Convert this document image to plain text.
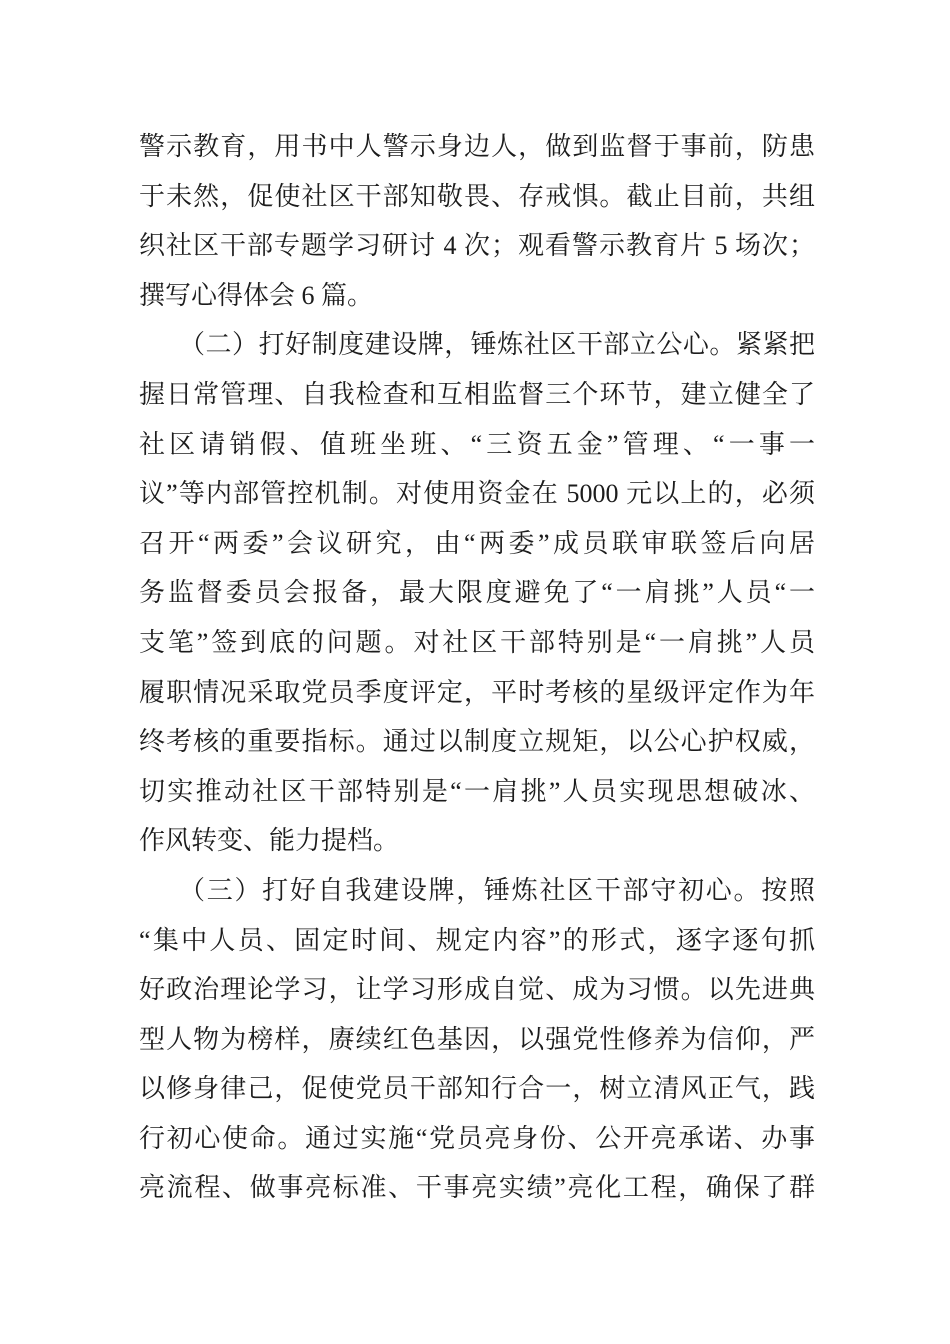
警示教育，用书中人警示身边人，做到监督于事前，防患
于未然，促使社区干部知敬畏、存戒惧。截止目前，共组
织社区干部专题学习研讨 4 次；观看警示教育片 5 场次；
撰写心得体会 6 篇。
（二）打好制度建设牌，锤炼社区干部立公心。紧紧把
握日常管理、自我检查和互相监督三个环节，建立健全了
社区请销假、值班坐班、“三资五金”管理、“一事一
议”等内部管控机制。对使用资金在 5000 元以上的，必须
召开“两委”会议研究，由“两委”成员联审联签后向居
务监督委员会报备，最大限度避免了“一肩挑”人员“一
支笔”签到底的问题。对社区干部特别是“一肩挑”人员
履职情况采取党员季度评定，平时考核的星级评定作为年
终考核的重要指标。通过以制度立规矩，以公心护权威，
切实推动社区干部特别是“一肩挑”人员实现思想破冰、
作风转变、能力提档。
（三）打好自我建设牌，锤炼社区干部守初心。按照
“集中人员、固定时间、规定内容”的形式，逐字逐句抓
好政治理论学习，让学习形成自觉、成为习惯。以先进典
型人物为榜样，赓续红色基因，以强党性修养为信仰，严
以修身律己，促使党员干部知行合一，树立清风正气，践
行初心使命。通过实施“党员亮身份、公开亮承诺、办事
亮流程、做事亮标准、干事亮实绩”亮化工程，确保了群
